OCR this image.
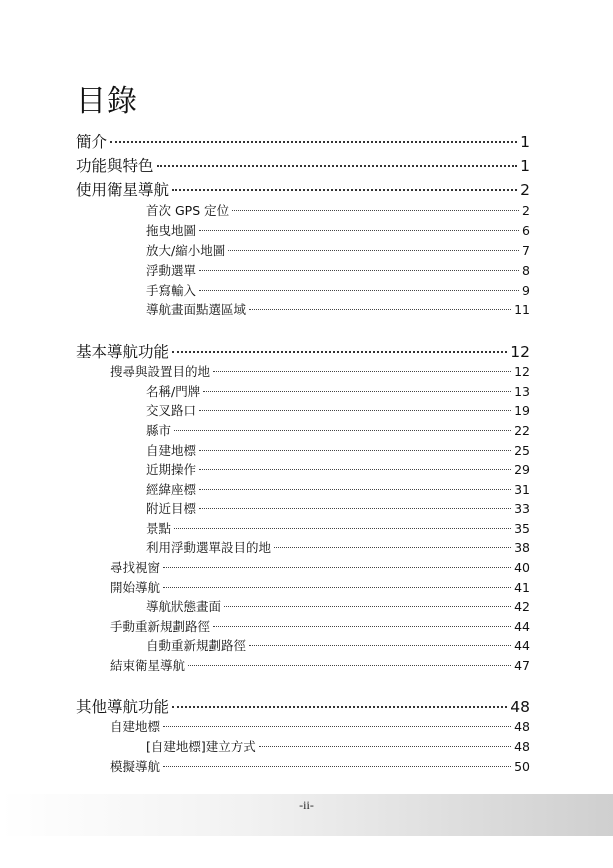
目錄
簡介	1
功能與特色	1
使用衛星導航	2
首次 GPS 定位	2
拖曳地圖	6
放大/縮小地圖	7
浮動選單	8
手寫輸入	9
導航畫面點選區域	11
基本導航功能	12
搜尋與設置目的地	12
名稱/門牌	13
交叉路口	19
縣市	22
自建地標	25
近期操作	29
經緯座標	31
附近目標	33
景點	35
利用浮動選單設目的地	38
尋找視窗	40
開始導航	41
導航狀態畫面	42
手動重新規劃路徑	44
自動重新規劃路徑	44
結束衛星導航	47
其他導航功能	48
自建地標	48
[自建地標]建立方式	48
模擬導航	50
-ii-
